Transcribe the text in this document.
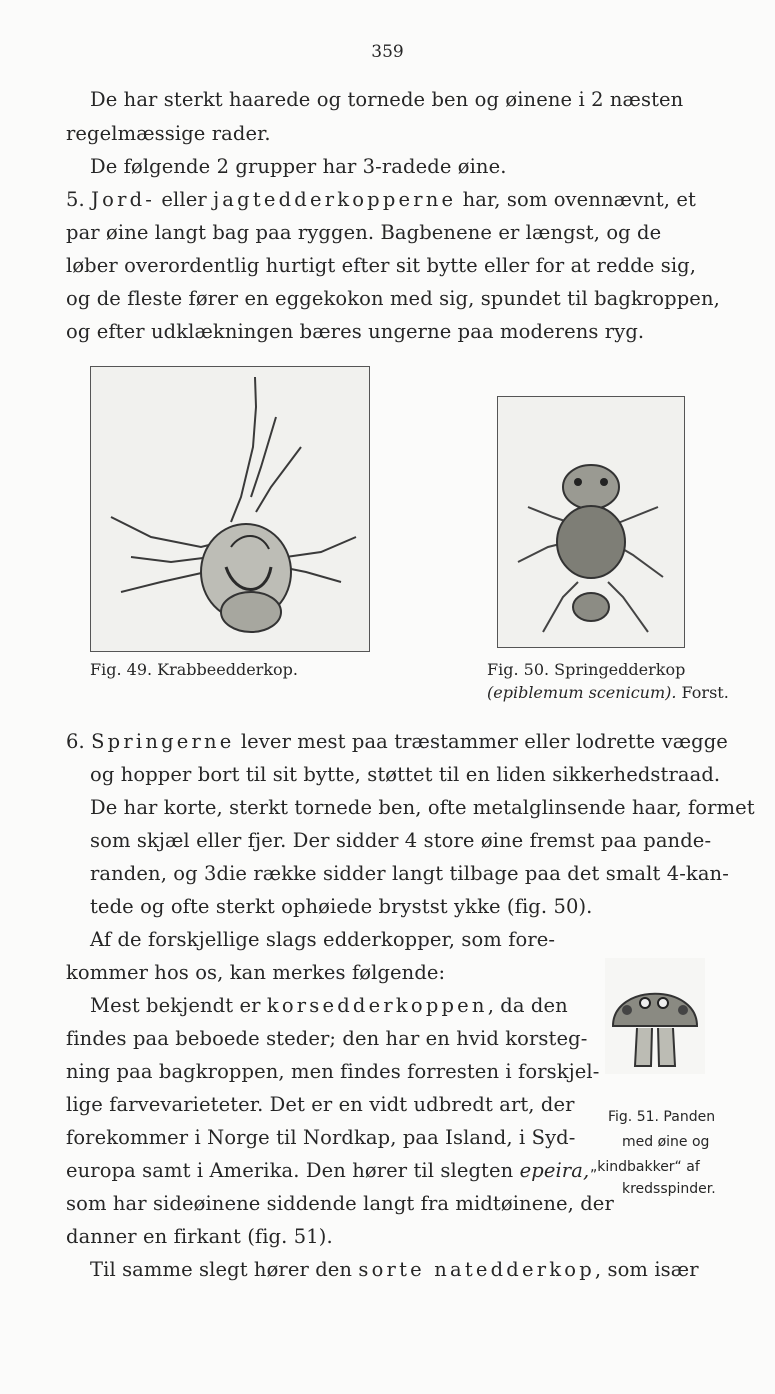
359
De har sterkt haarede og tornede ben og øinene i 2 næsten
regelmæssige rader.
De følgende 2 grupper har 3-radede øine.
5. Jord- eller jagtedderkopperne har, som ovennævnt, et
par øine langt bag paa ryggen. Bagbenene er længst, og de
løber overordentlig hurtigt efter sit bytte eller for at redde sig,
og de fleste fører en eggekokon med sig, spundet til bagkroppen,
og efter udklækningen bæres ungerne paa moderens ryg.
Fig. 49. Krabbeedderkop.	Fig. 50. Springedderkop
(epiblemum scenicum). Forst.
6. Springerne lever mest paa træstammer eller lodrette vægge
og hopper bort til sit bytte, støttet til en liden sikkerhedstraad.
De har korte, sterkt tornede ben, ofte metalglinsende haar, formet
som skjæl eller fjer. Der sidder 4 store øine fremst paa pande-
randen, og 3die række sidder langt tilbage paa det smalt 4-kan-
tede og ofte sterkt ophøiede brystst ykke (fig. 50).
Af de forskjellige slags edderkopper, som fore-
kommer hos os, kan merkes følgende:
Mest bekjendt er korsedderkoppen, da den
findes paa beboede steder; den har en hvid korsteg-
ning paa bagkroppen, men findes forresten i forskjel-
lige farvevarieteter. Det er en vidt udbredt art, der
forekommer i Norge til Nordkap, paa Island, i Syd-
europa samt i Amerika. Den hører til slegten epeira,
som har sideøinene siddende langt fra midtøinene, der
danner en firkant (fig. 51).
Fig. 51. Panden
med øine og
„kindbakker“ af
kredsspinder.
Til samme slegt hører den sorte natedderkop, som især
